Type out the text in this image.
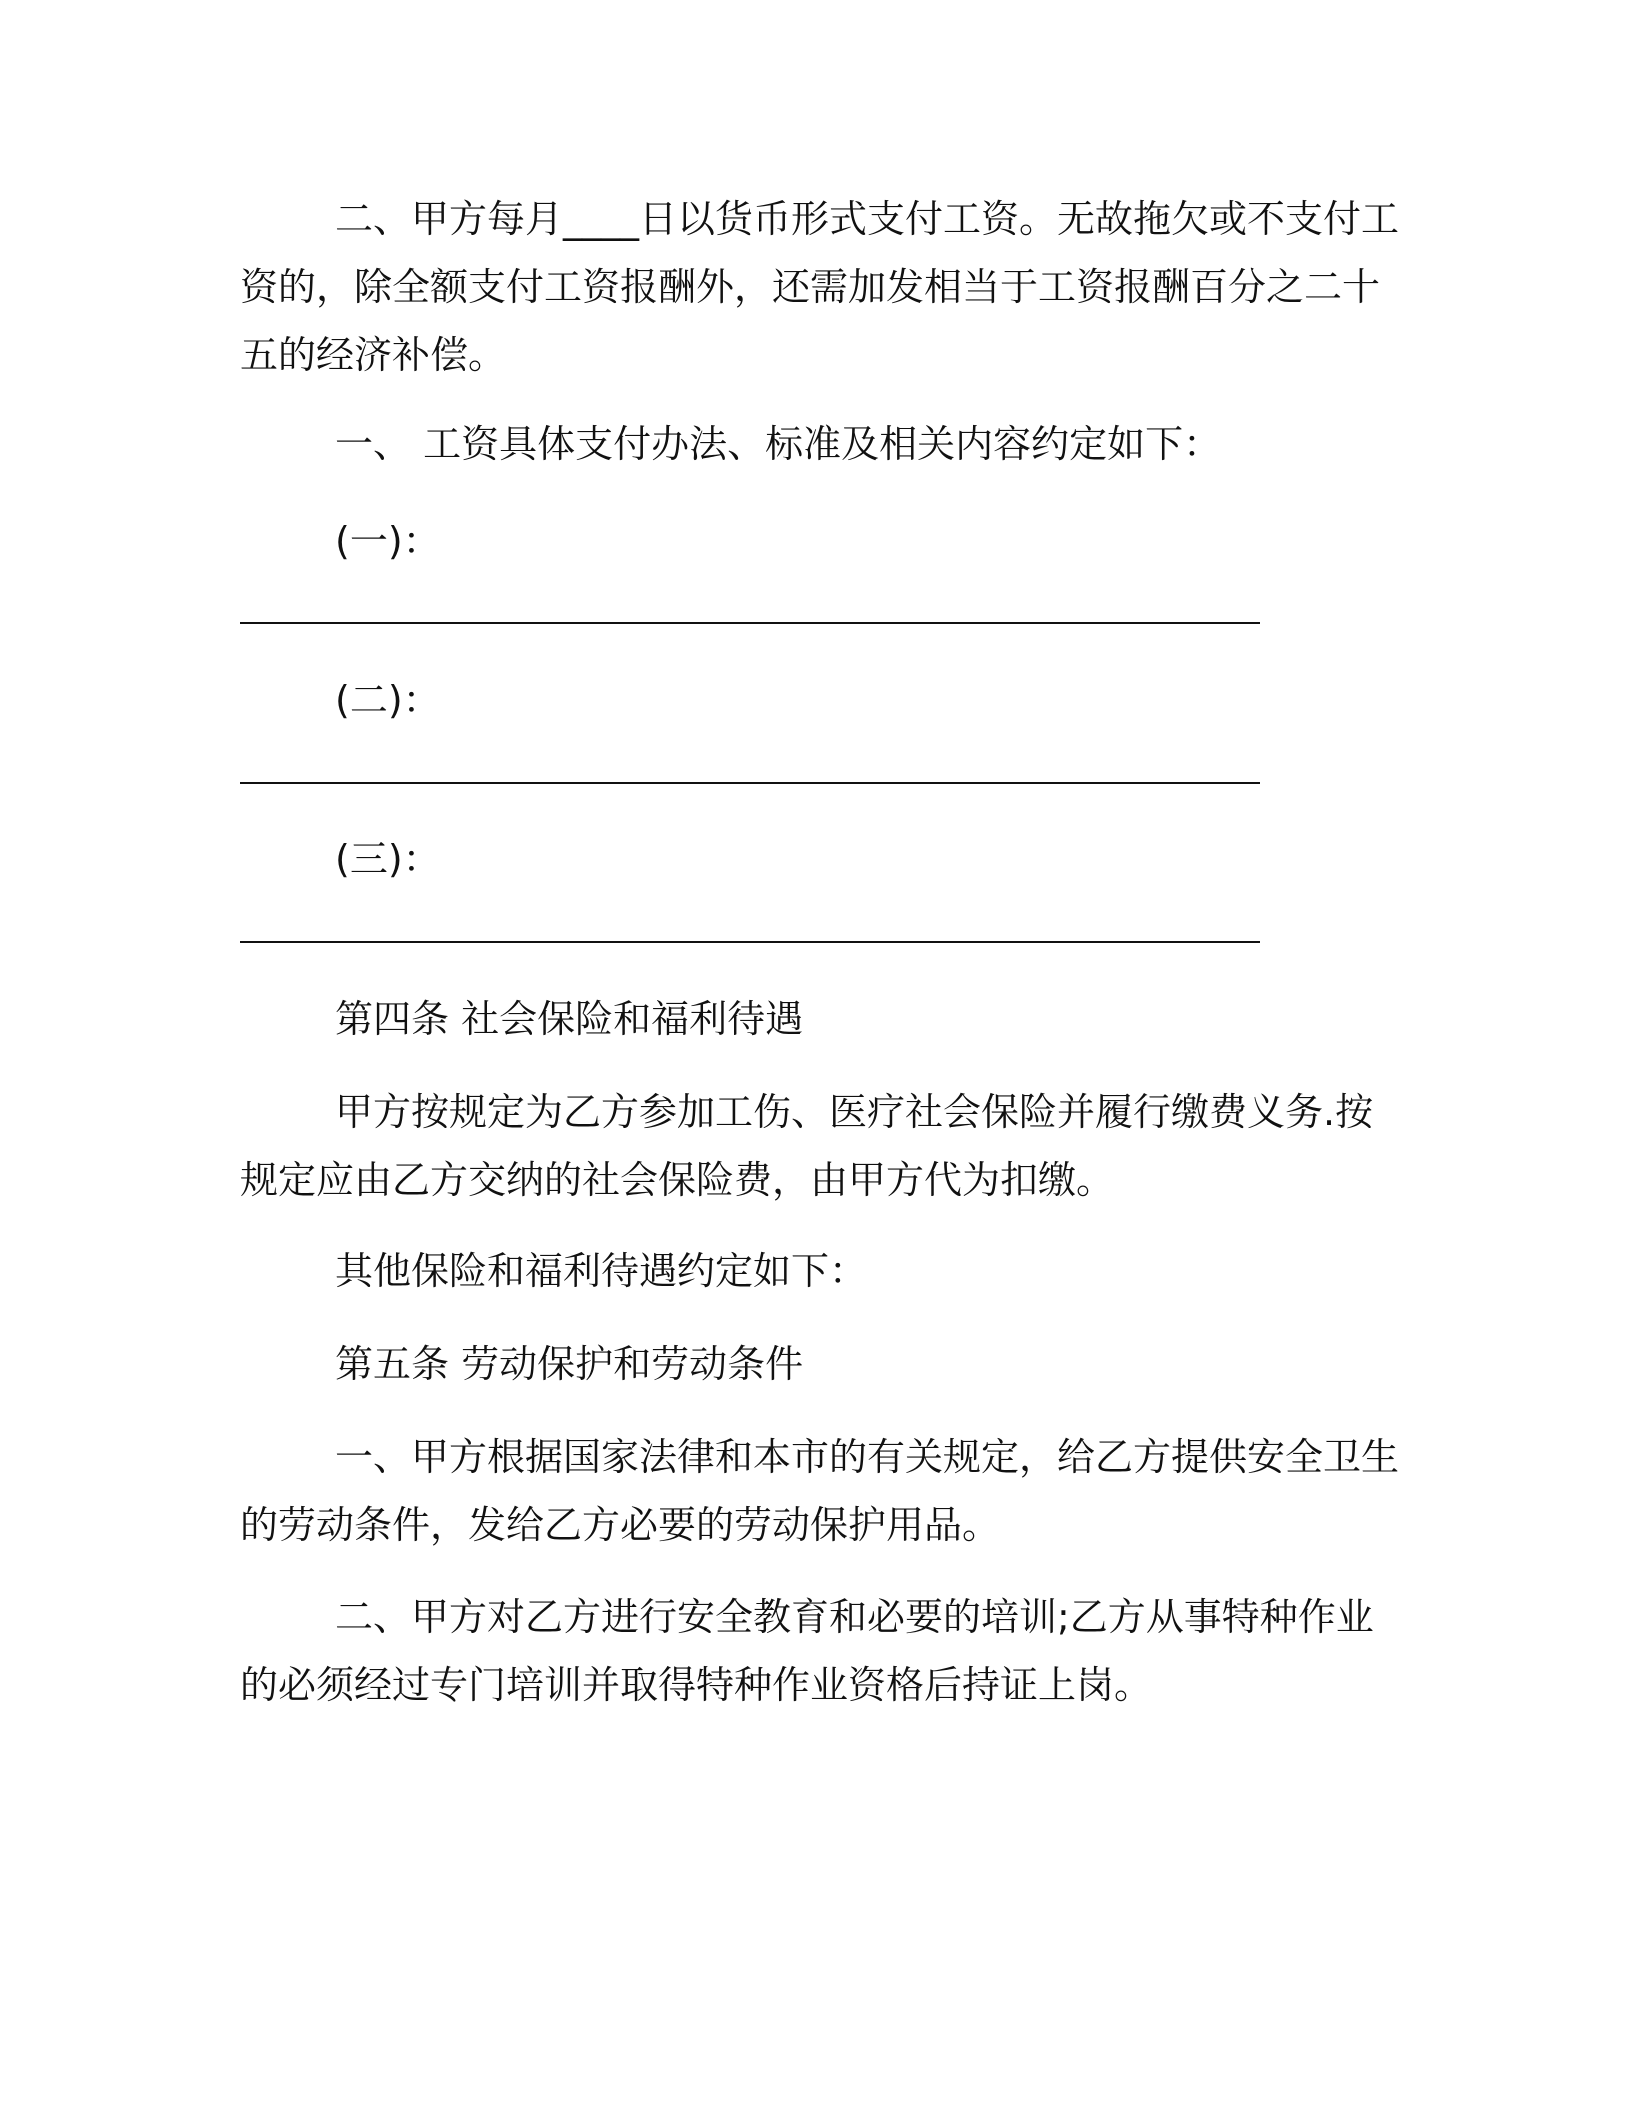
二、甲方每月____日以货币形式支付工资。无故拖欠或不支付工
资的，除全额支付工资报酬外，还需加发相当于工资报酬百分之二十
五的经济补偿。

一、 工资具体支付办法、标准及相关内容约定如下：

(一)：

(二)：

(三)：

第四条 社会保险和福利待遇

甲方按规定为乙方参加工伤、医疗社会保险并履行缴费义务.按
规定应由乙方交纳的社会保险费，由甲方代为扣缴。

其他保险和福利待遇约定如下：

第五条 劳动保护和劳动条件

一、甲方根据国家法律和本市的有关规定，给乙方提供安全卫生
的劳动条件，发给乙方必要的劳动保护用品。

二、甲方对乙方进行安全教育和必要的培训;乙方从事特种作业
的必须经过专门培训并取得特种作业资格后持证上岗。
